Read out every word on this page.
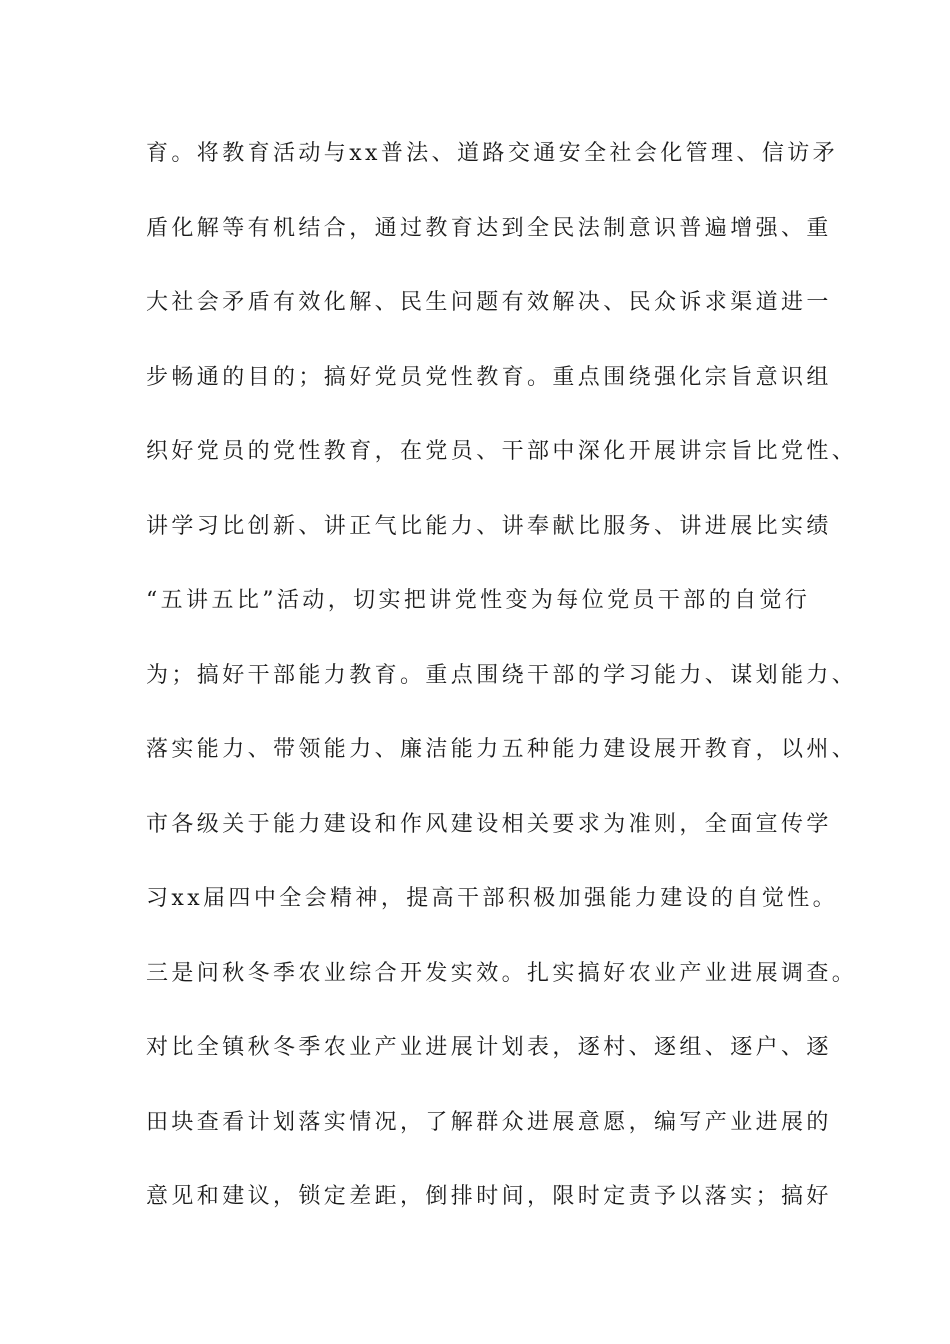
育。将教育活动与xx普法、道路交通安全社会化管理、信访矛
盾化解等有机结合，通过教育达到全民法制意识普遍增强、重
大社会矛盾有效化解、民生问题有效解决、民众诉求渠道进一
步畅通的目的；搞好党员党性教育。重点围绕强化宗旨意识组
织好党员的党性教育，在党员、干部中深化开展讲宗旨比党性、
讲学习比创新、讲正气比能力、讲奉献比服务、讲进展比实绩
“五讲五比”活动，切实把讲党性变为每位党员干部的自觉行
为；搞好干部能力教育。重点围绕干部的学习能力、谋划能力、
落实能力、带领能力、廉洁能力五种能力建设展开教育，以州、
市各级关于能力建设和作风建设相关要求为准则，全面宣传学
习xx届四中全会精神，提高干部积极加强能力建设的自觉性。
三是问秋冬季农业综合开发实效。扎实搞好农业产业进展调查。
对比全镇秋冬季农业产业进展计划表，逐村、逐组、逐户、逐
田块查看计划落实情况，了解群众进展意愿，编写产业进展的
意见和建议，锁定差距，倒排时间，限时定责予以落实；搞好
